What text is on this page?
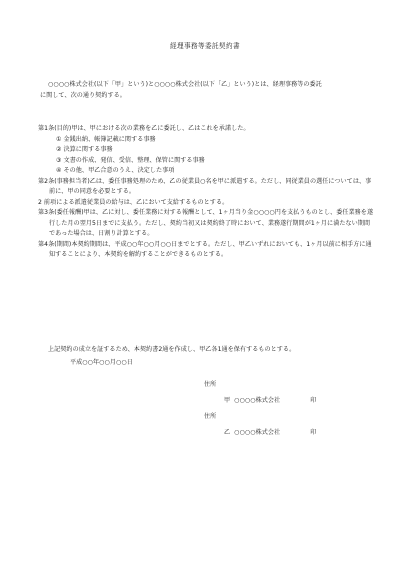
経理事務等委託契約書

○○○○株式会社(以下「甲」という)と○○○○株式会社(以下「乙」という)とは、経理事務等の委託

に関して、次の通り契約する。

第1条(目的)甲は、甲における次の業務を乙に委託し、乙はこれを承諾した。

① 金銭出納、帳簿記載に関する事務

② 決算に関する事務

③ 文書の作成、発信、受信、整理、保管に関する事務

④ その他、甲乙合意のうえ、決定した事項

第2条(事務担当者)乙は、委任事務処理のため、乙の従業員○名を甲に派遣する。ただし、同従業員の選任については、事前に、甲の同意を必要とする。

2 前項による派遣従業員の給与は、乙において支給するものとする。

第3条(委任報酬)甲は、乙に対し、委任業務に対する報酬として、1ヶ月当り金○○○○円を支払うものとし、委任業務を遂行した月の翌月5日までに支払う。ただし、契約当初又は契約終了時において、業務遂行期間が1ヶ月に満たない期間であった場合は、日割り計算とする。

第4条(期間)本契約期間は、平成○○年○○月○○日までとする。ただし、甲乙いずれにおいても、1ヶ月以前に相手方に通知することにより、本契約を解約することができるものとする。

上記契約の成立を証するため、本契約書2通を作成し、甲乙各1通を保有するものとする。

平成○○年○○月○○日
住所
甲 ○○○○株式会社	印
住所
乙 ○○○○株式会社	印
